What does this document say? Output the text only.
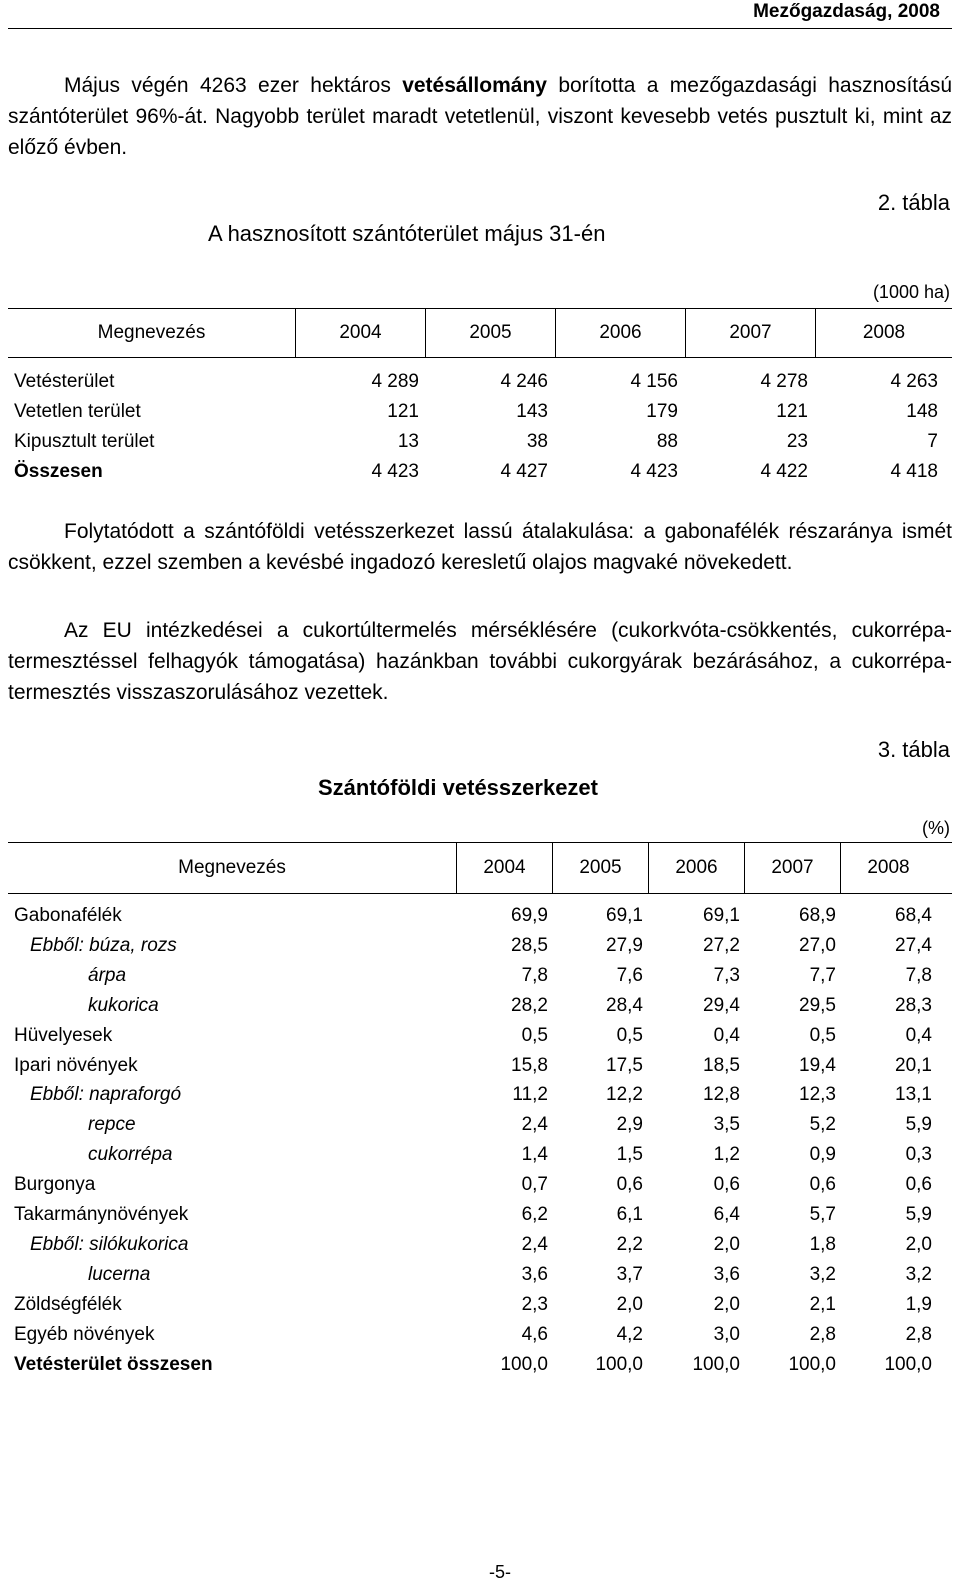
Mezőgazdaság, 2008

Május végén 4263 ezer hektáros vetésállomány borította a mezőgazdasági hasznosítású szántóterület 96%-át. Nagyobb terület maradt vetetlenül, viszont kevesebb vetés pusztult ki, mint az előző évben.

2. tábla
A hasznosított szántóterület május 31-én
(1000 ha)
Megnevezés	2004	2005	2006	2007	2008
Vetésterület	4 289	4 246	4 156	4 278	4 263
Vetetlen terület	121	143	179	121	148
Kipusztult terület	13	38	88	23	7
Összesen	4 423	4 427	4 423	4 422	4 418

Folytatódott a szántóföldi vetésszerkezet lassú átalakulása: a gabonafélék részaránya ismét csökkent, ezzel szemben a kevésbé ingadozó keresletű olajos magvaké növekedett.

Az EU intézkedései a cukortúltermelés mérséklésére (cukorkvóta-csökkentés, cukorrépa-termesztéssel felhagyók támogatása) hazánkban további cukorgyárak bezárásához, a cukorrépa-termesztés visszaszorulásához vezettek.

3. tábla
Szántóföldi vetésszerkezet
(%)
Megnevezés	2004	2005	2006	2007	2008
Gabonafélék	69,9	69,1	69,1	68,9	68,4
Ebből: búza, rozs	28,5	27,9	27,2	27,0	27,4
árpa	7,8	7,6	7,3	7,7	7,8
kukorica	28,2	28,4	29,4	29,5	28,3
Hüvelyesek	0,5	0,5	0,4	0,5	0,4
Ipari növények	15,8	17,5	18,5	19,4	20,1
Ebből: napraforgó	11,2	12,2	12,8	12,3	13,1
repce	2,4	2,9	3,5	5,2	5,9
cukorrépa	1,4	1,5	1,2	0,9	0,3
Burgonya	0,7	0,6	0,6	0,6	0,6
Takarmánynövények	6,2	6,1	6,4	5,7	5,9
Ebből: silókukorica	2,4	2,2	2,0	1,8	2,0
lucerna	3,6	3,7	3,6	3,2	3,2
Zöldségfélék	2,3	2,0	2,0	2,1	1,9
Egyéb növények	4,6	4,2	3,0	2,8	2,8
Vetésterület összesen	100,0	100,0	100,0	100,0	100,0
-5-
